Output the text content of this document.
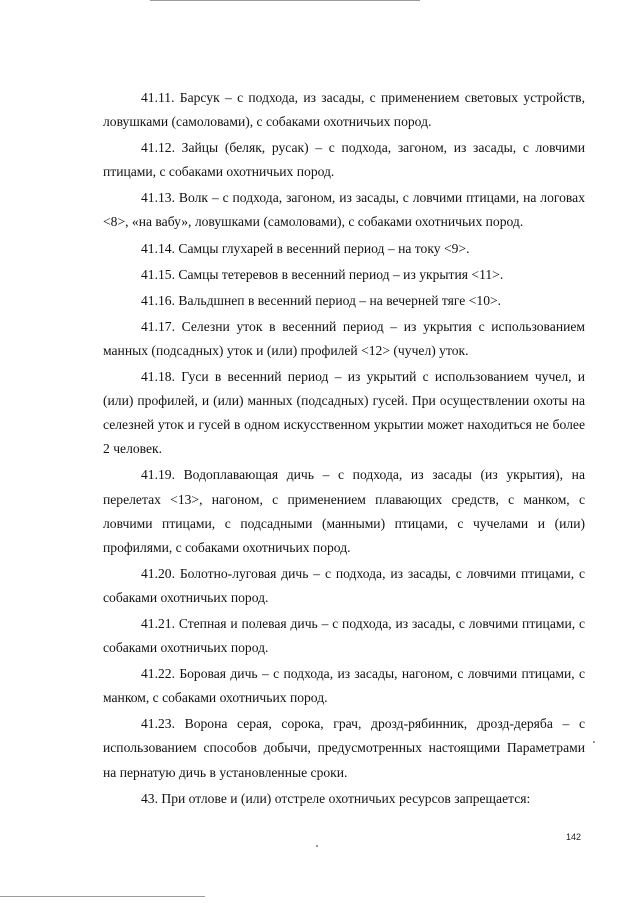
41.11. Барсук – с подхода, из засады, с применением световых устройств, ловушками (самоловами), с собаками охотничьих пород.

41.12. Зайцы (беляк, русак) – с подхода, загоном, из засады, с ловчими птицами, с собаками охотничьих пород.

41.13. Волк – с подхода, загоном, из засады, с ловчими птицами, на логовах <8>, «на вабу», ловушками (самоловами), с собаками охотничьих пород.

41.14. Самцы глухарей в весенний период – на току <9>.

41.15. Самцы тетеревов в весенний период – из укрытия <11>.

41.16. Вальдшнеп в весенний период – на вечерней тяге <10>.

41.17. Селезни уток в весенний период – из укрытия с использованием манных (подсадных) уток и (или) профилей <12> (чучел) уток.

41.18. Гуси в весенний период – из укрытий с использованием чучел, и (или) профилей, и (или) манных (подсадных) гусей. При осуществлении охоты на селезней уток и гусей в одном искусственном укрытии может находиться не более 2 человек.

41.19. Водоплавающая дичь – с подхода, из засады (из укрытия), на перелетах <13>, нагоном, с применением плавающих средств, с манком, с ловчими птицами, с подсадными (манными) птицами, с чучелами и (или) профилями, с собаками охотничьих пород.

41.20. Болотно-луговая дичь – с подхода, из засады, с ловчими птицами, с собаками охотничьих пород.

41.21. Степная и полевая дичь – с подхода, из засады, с ловчими птицами, с собаками охотничьих пород.

41.22. Боровая дичь – с подхода, из засады, нагоном, с ловчими птицами, с манком, с собаками охотничьих пород.

41.23. Ворона серая, сорока, грач, дрозд-рябинник, дрозд-деряба – с использованием способов добычи, предусмотренных настоящими Параметрами на пернатую дичь в установленные сроки.

43. При отлове и (или) отстреле охотничьих ресурсов запрещается:

142
